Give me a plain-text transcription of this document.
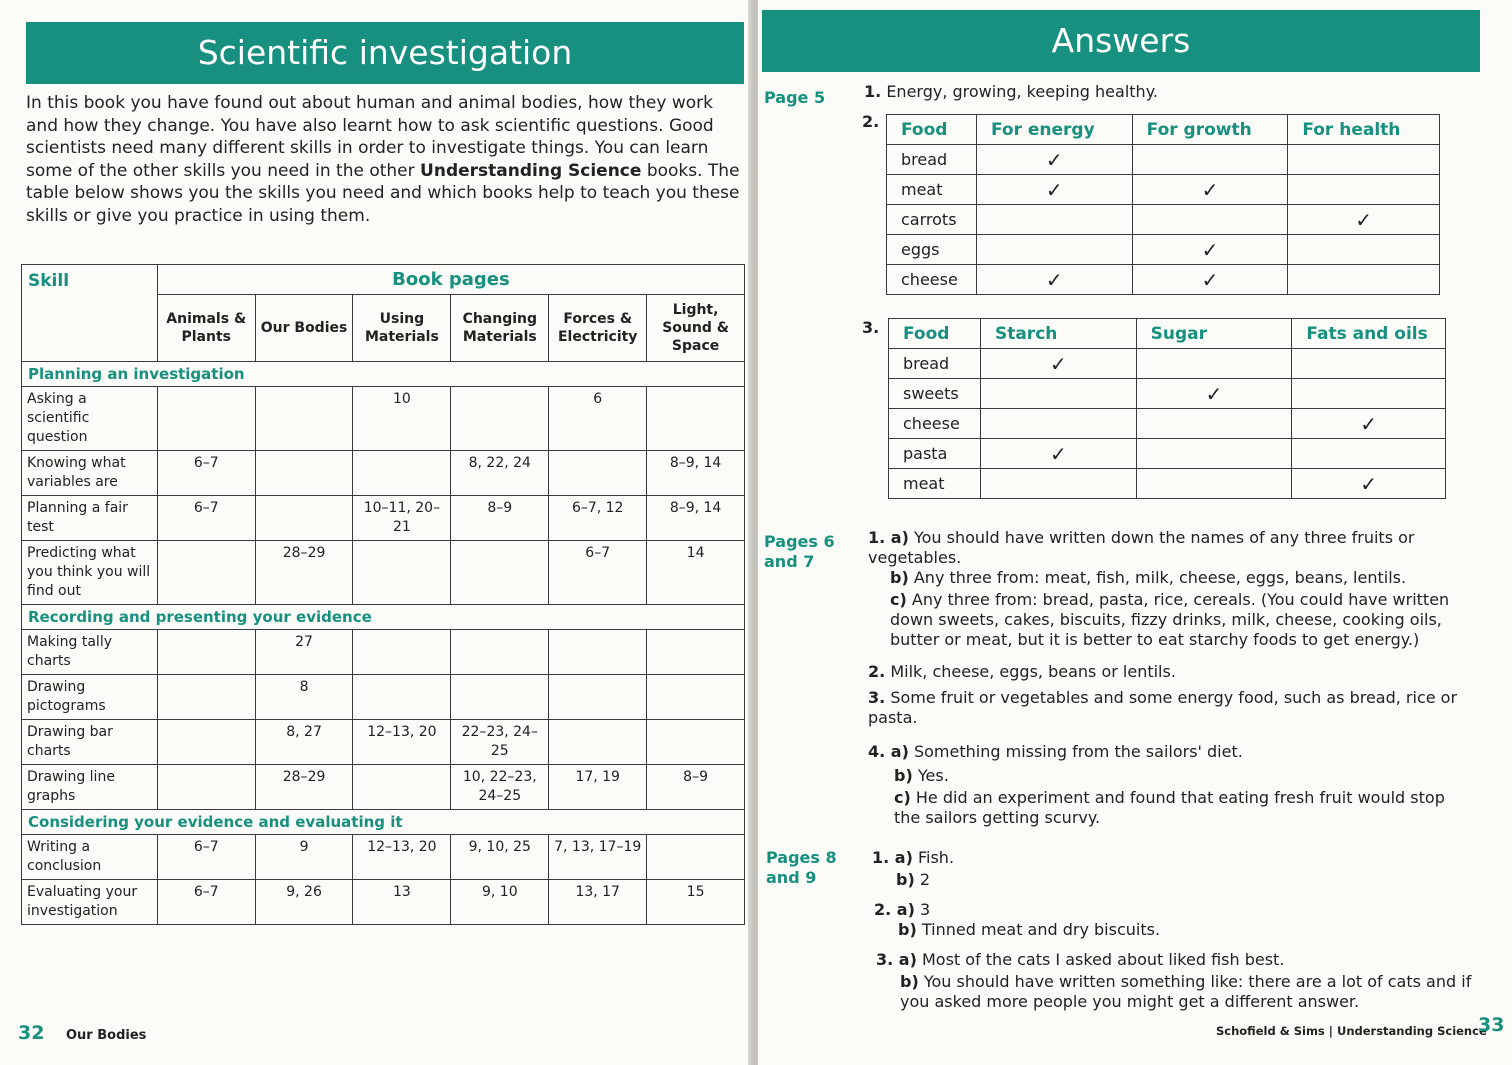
Scientific investigation

In this book you have found out about human and animal bodies, how they work and how they change. You have also learnt how to ask scientific questions. Good scientists need many different skills in order to investigate things. You can learn some of the other skills you need in the other Understanding Science books. The table below shows you the skills you need and which books help to teach you these skills or give you practice in using them.

Skill	Book pages					
	Animals & Plants	Our Bodies	Using Materials	Changing Materials	Forces & Electricity	Light, Sound & Space
Planning an investigation						
Asking a scientific question			10		6	
Knowing what variables are	6–7			8, 22, 24		8–9, 14
Planning a fair test	6–7		10–11, 20–21	8–9	6–7, 12	8–9, 14
Predicting what you think you will find out		28–29			6–7	14
Recording and presenting your evidence						
Making tally charts		27				
Drawing pictograms		8				
Drawing bar charts		8, 27	12–13, 20	22–23, 24–25		
Drawing line graphs		28–29		10, 22–23, 24–25	17, 19	8–9
Considering your evidence and evaluating it						
Writing a conclusion	6–7	9	12–13, 20	9, 10, 25	7, 13, 17–19	
Evaluating your investigation	6–7	9, 26	13	9, 10	13, 17	15
32 Our Bodies
Answers
Page 5 1. Energy, growing, keeping healthy.
2. Food	For energy	For growth	For health
bread	✓		
meat	✓	✓	
carrots			✓
eggs		✓	
cheese	✓	✓	
3. Food	Starch	Sugar	Fats and oils
bread	✓		
sweets		✓	
cheese			✓
pasta	✓		
meat			✓
Pages 6
and 7
1. a) You should have written down the names of any three fruits or vegetables.
b) Any three from: meat, fish, milk, cheese, eggs, beans, lentils.
c) Any three from: bread, pasta, rice, cereals. (You could have written down sweets, cakes, biscuits, fizzy drinks, milk, cheese, cooking oils, butter or meat, but it is better to eat starchy foods to get energy.)
2. Milk, cheese, eggs, beans or lentils.
3. Some fruit or vegetables and some energy food, such as bread, rice or pasta.
4. a) Something missing from the sailors' diet.
b) Yes.
c) He did an experiment and found that eating fresh fruit would stop the sailors getting scurvy.
Pages 8
and 9
1. a) Fish.
b) 2
2. a) 3
b) Tinned meat and dry biscuits.
3. a) Most of the cats I asked about liked fish best.
b) You should have written something like: there are a lot of cats and if you asked more people you might get a different answer.
Schofield & Sims | Understanding Science
33
